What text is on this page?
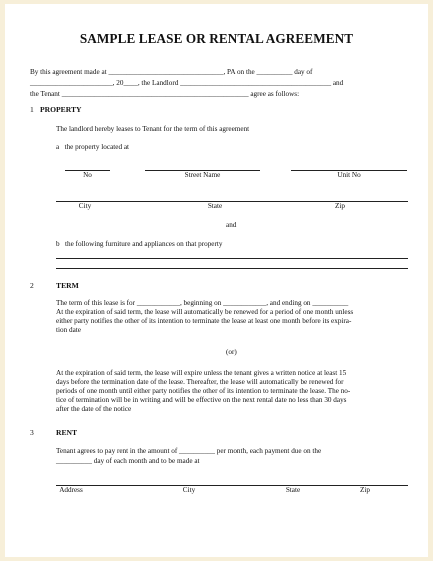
SAMPLE LEASE OR RENTAL AGREEMENT
By this agreement made at ________________________________, PA on the __________ day of
_______________________, 20____, the Landlord __________________________________________ and
the Tenant ____________________________________________________ agree as follows:
1 PROPERTY
The landlord hereby leases to Tenant for the term of this agreement
a   the property located at
No	Street Name	Unit No
City	State	Zip
and
b   the following furniture and appliances on that property
2	TERM
The term of this lease is for ____________, beginning on ____________, and ending on __________
At the expiration of said term, the lease will automatically be renewed for a period of one month unless
either party notifies the other of its intention to terminate the lease at least one month before its expira-
tion date
(or)
At the expiration of said term, the lease will expire unless the tenant gives a written notice at least 15
days before the termination date of the lease. Thereafter, the lease will automatically be renewed for
periods of one month until either party notifies the other of its intention to terminate the lease. The no-
tice of termination will be in writing and will be effective on the next rental date no less than 30 days
after the date of the notice
3	RENT
Tenant agrees to pay rent in the amount of __________ per month, each payment due on the
__________ day of each month and to be made at
Address	City	State	Zip
